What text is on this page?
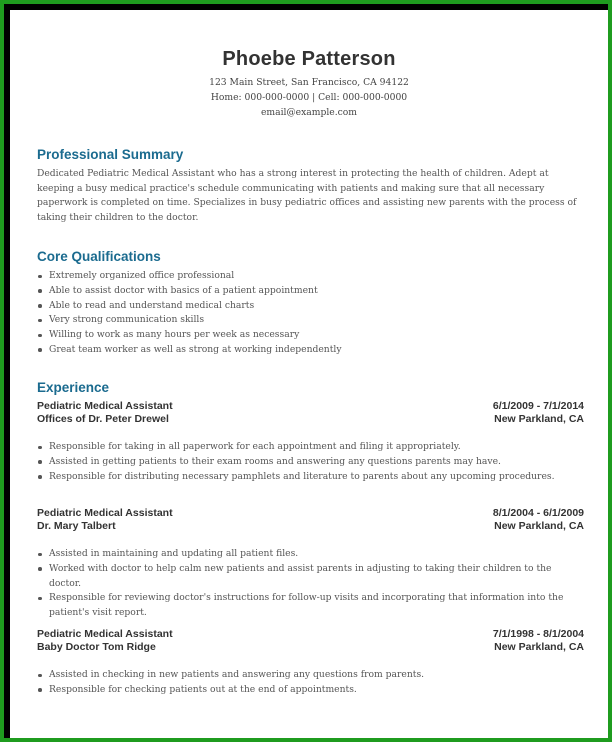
Phoebe Patterson
123 Main Street, San Francisco, CA 94122
Home: 000-000-0000 | Cell: 000-000-0000
email@example.com
Professional Summary
Dedicated Pediatric Medical Assistant who has a strong interest in protecting the health of children. Adept at keeping a busy medical practice's schedule communicating with patients and making sure that all necessary paperwork is completed on time. Specializes in busy pediatric offices and assisting new parents with the process of taking their children to the doctor.
Core Qualifications
Extremely organized office professional
Able to assist doctor with basics of a patient appointment
Able to read and understand medical charts
Very strong communication skills
Willing to work as many hours per week as necessary
Great team worker as well as strong at working independently
Experience
Pediatric Medical Assistant	6/1/2009 - 7/1/2014
Offices of Dr. Peter Drewel	New Parkland, CA
Responsible for taking in all paperwork for each appointment and filing it appropriately.
Assisted in getting patients to their exam rooms and answering any questions parents may have.
Responsible for distributing necessary pamphlets and literature to parents about any upcoming procedures.
Pediatric Medical Assistant	8/1/2004 - 6/1/2009
Dr. Mary Talbert	New Parkland, CA
Assisted in maintaining and updating all patient files.
Worked with doctor to help calm new patients and assist parents in adjusting to taking their children to the doctor.
Responsible for reviewing doctor's instructions for follow-up visits and incorporating that information into the patient's visit report.
Pediatric Medical Assistant	7/1/1998 - 8/1/2004
Baby Doctor Tom Ridge	New Parkland, CA
Assisted in checking in new patients and answering any questions from parents.
Responsible for checking patients out at the end of appointments.
